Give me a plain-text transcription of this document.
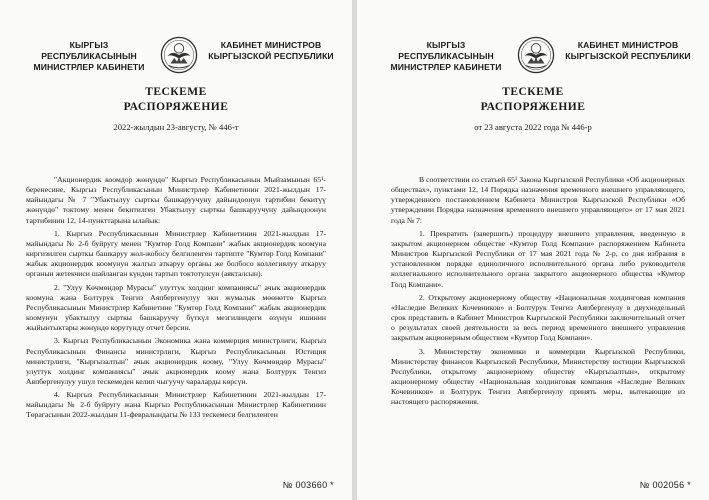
КЫРГЫЗ РЕСПУБЛИКАСЫНЫН МИНИСТРЛЕР КАБИНЕТИ
КАБИНЕТ МИНИСТРОВ КЫРГЫЗСКОЙ РЕСПУБЛИКИ
ТЕСКЕМЕ
РАСПОРЯЖЕНИЕ
2022-жылдын 23-августу, № 446-т

"Акционердик коомдор жөнүндө" Кыргыз Республикасынын Мыйзамынын 65¹-беренесине, Кыргыз Республикасынын Министрлер Кабинетинин 2021-жылдын 17-майындагы № 7 "Убактылуу сырткы башкаруучуну дайындоонун тартибин бекитүү жөнүндө" токтому менен бекитилген Убактылуу сырткы башкаруучуну дайындоонун тартибинин 12, 14-пункттарына ылайык:

1. Кыргыз Республикасынын Министрлер Кабинетинин 2021-жылдын 17-майындагы № 2-б буйругу менен "Кумтөр Голд Компани" жабык акционердик коомуна киргизилген сырткы башкаруу жол-жобосу белгиленген тартипте "Кумтөр Голд Компани" жабык акционердик коомунун жалгыз аткаруу органы же болбосо коллегиялуу аткаруу органын жетекчиси шайланган күндөн тартып токтотулсун (аякталсын).

2. "Улуу Көчмөндөр Мурасы" улуттук холдинг компаниясы" ачык акционердик коомуна жана Болтурук Тенгиз Аяпбергенулуу эки жумалык мөөнөттө Кыргыз Республикасынын Министрлер Кабинетине "Кумтөр Голд Компани" жабык акционердик коомунун убактылуу сырткы башкаруучу бүткүл мезгилиндеги өзүнүн ишинин жыйынтыктары жөнүндө корутунду отчет берсин.

3. Кыргыз Республикасынын Экономика жана коммерция министрлиги, Кыргыз Республикасынын Финансы министрлиги, Кыргыз Республикасынын Юстиция министрлиги, "Кыргызалтын" ачык акционердик коому, "Улуу Көчмөндөр Мурасы" улуттук холдинг компаниясы" ачык акционердик коому жана Болтурук Тенгиз Аяпбергенулуу ушул тескемеден келип чыгуучу чараларды көрсүн.

4. Кыргыз Республикасынын Министрлер Кабинетинин 2021-жылдын 17-майындагы № 2-б буйругу жана Кыргыз Республикасынын Министрлер Кабинетинин Төрагасынын 2022-жылдын 11-февралындагы № 133 тескемеси белгиленген

№ 003660 *
КЫРГЫЗ РЕСПУБЛИКАСЫНЫН МИНИСТРЛЕР КАБИНЕТИ
КАБИНЕТ МИНИСТРОВ КЫРГЫЗСКОЙ РЕСПУБЛИКИ
ТЕСКЕМЕ
РАСПОРЯЖЕНИЕ
от 23 августа 2022 года № 446-р

В соответствии со статьей 65¹ Закона Кыргызской Республики «Об акционерных обществах», пунктами 12, 14 Порядка назначения временного внешнего управляющего, утвержденного постановлением Кабинета Министров Кыргызской Республики «Об утверждении Порядка назначения временного внешнего управляющего» от 17 мая 2021 года № 7:

1. Прекратить (завершить) процедуру внешнего управления, введенную в закрытом акционерном обществе «Кумтор Голд Компани» распоряжением Кабинета Министров Кыргызской Республики от 17 мая 2021 года № 2-р, со дня избрания в установленном порядке единоличного исполнительного органа либо руководителя коллегиального исполнительного органа закрытого акционерного общества «Кумтор Голд Компани».

2. Открытому акционерному обществу «Национальная холдинговая компания «Наследие Великих Кочевников» и Болтурук Тенгиз Аяпбергенулу в двухнедельный срок представить в Кабинет Министров Кыргызской Республики заключительный отчет о результатах своей деятельности за весь период временного внешнего управления закрытым акционерным обществом «Кумтор Голд Компани».

3. Министерству экономики и коммерции Кыргызской Республики, Министерству финансов Кыргызской Республики, Министерству юстиции Кыргызской Республики, открытому акционерному обществу «Кыргызалтын», открытому акционерному обществу «Национальная холдинговая компания «Наследие Великих Кочевников» и Болтурук Тенгиз Аяпбергенулу принять меры, вытекающие из настоящего распоряжения.

№ 002056 *
